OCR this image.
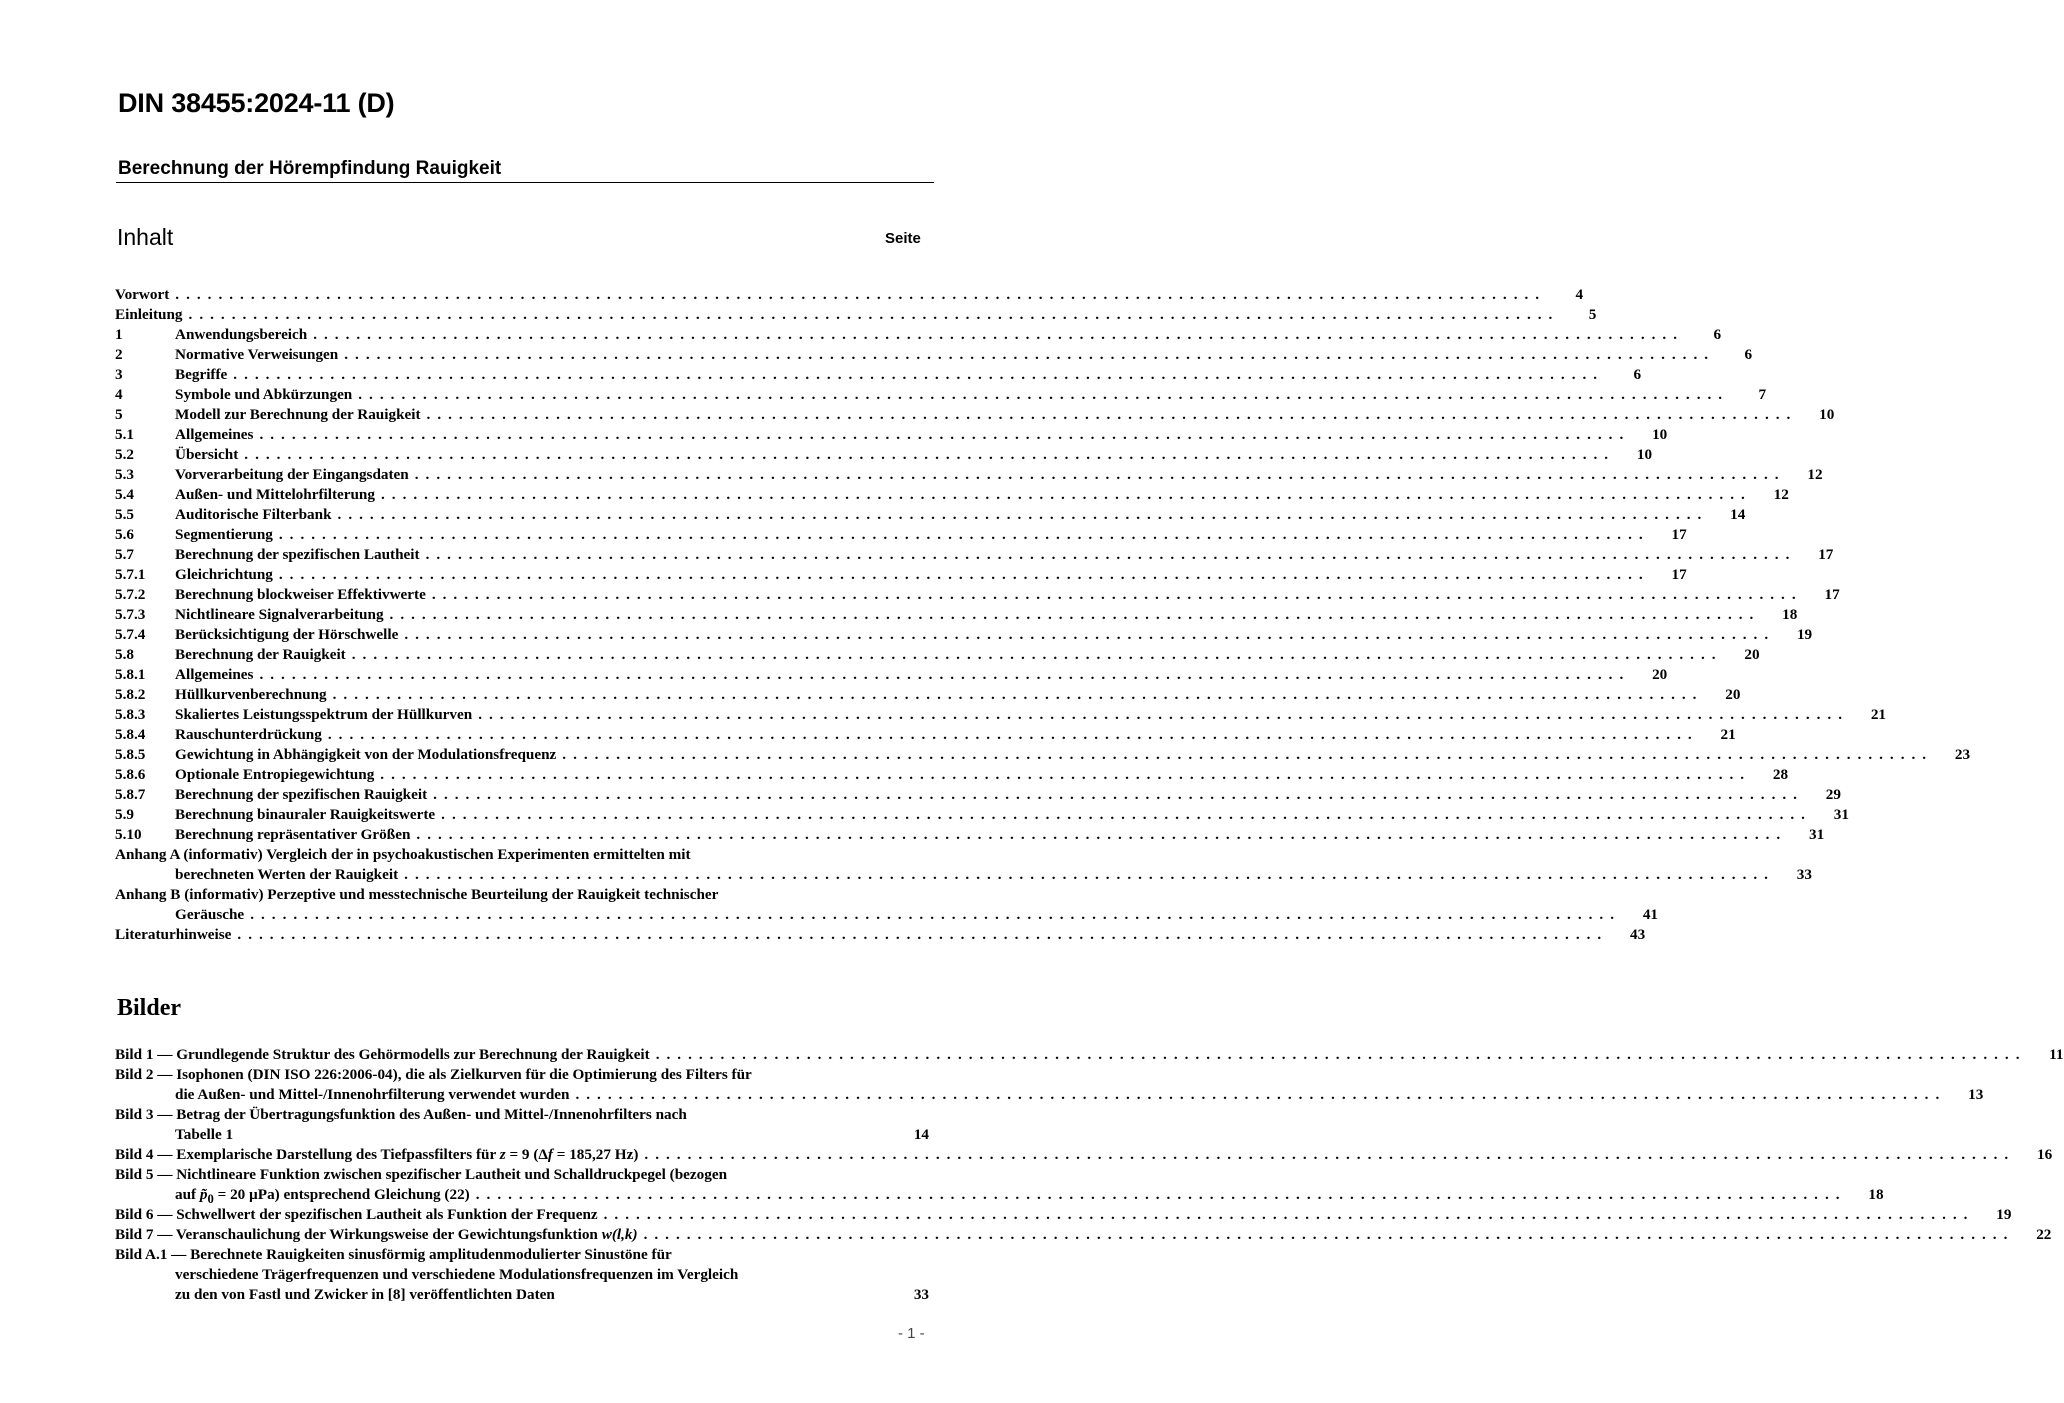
DIN 38455:2024-11 (D)
Berechnung der Hörempfindung Rauigkeit
Inhalt	Seite
Vorwort . . .	4
Einleitung . . .	5
1	Anwendungsbereich . . .	6
2	Normative Verweisungen . . .	6
3	Begriffe . . .	6
4	Symbole und Abkürzungen . . .	7
5	Modell zur Berechnung der Rauigkeit . . .	10
5.1	Allgemeines . . .	10
5.2	Übersicht . . .	10
5.3	Vorverarbeitung der Eingangsdaten . . .	12
5.4	Außen- und Mittelohrfilterung . . .	12
5.5	Auditorische Filterbank . . .	14
5.6	Segmentierung . . .	17
5.7	Berechnung der spezifischen Lautheit . . .	17
5.7.1	Gleichrichtung . . .	17
5.7.2	Berechnung blockweiser Effektivwerte . . .	17
5.7.3	Nichtlineare Signalverarbeitung . . .	18
5.7.4	Berücksichtigung der Hörschwelle . . .	19
5.8	Berechnung der Rauigkeit . . .	20
5.8.1	Allgemeines . . .	20
5.8.2	Hüllkurvenberechnung . . .	20
5.8.3	Skaliertes Leistungsspektrum der Hüllkurven . . .	21
5.8.4	Rauschunterdrückung . . .	21
5.8.5	Gewichtung in Abhängigkeit von der Modulationsfrequenz . . .	23
5.8.6	Optionale Entropiegewichtung . . .	28
5.8.7	Berechnung der spezifischen Rauigkeit . . .	29
5.9	Berechnung binauraler Rauigkeitswerte . . .	31
5.10	Berechnung repräsentativer Größen . . .	31
Anhang A (informativ) Vergleich der in psychoakustischen Experimenten ermittelten mit
berechneten Werten der Rauigkeit . . .	33
Anhang B (informativ) Perzeptive und messtechnische Beurteilung der Rauigkeit technischer
Geräusche . . .	41
Literaturhinweise . . .	43
Bilder
Bild 1 — Grundlegende Struktur des Gehörmodells zur Berechnung der Rauigkeit . . .	11
Bild 2 — Isophonen (DIN ISO 226:2006-04), die als Zielkurven für die Optimierung des Filters für
die Außen- und Mittel-/Innenohrfilterung verwendet wurden . . .	13
Bild 3 — Betrag der Übertragungsfunktion des Außen- und Mittel-/Innenohrfilters nach
Tabelle 1	14
Bild 4 — Exemplarische Darstellung des Tiefpassfilters für z = 9 (Δf = 185,27 Hz) . . .	16
Bild 5 — Nichtlineare Funktion zwischen spezifischer Lautheit und Schalldruckpegel (bezogen
auf $p̃_0 = 20$ µPa) entsprechend Gleichung (22) . . .	18
Bild 6 — Schwellwert der spezifischen Lautheit als Funktion der Frequenz . . .	19
Bild 7 — Veranschaulichung der Wirkungsweise der Gewichtungsfunktion w(l,k) . . .	22
Bild A.1 — Berechnete Rauigkeiten sinusförmig amplitudenmodulierter Sinustöne für
verschiedene Trägerfrequenzen und verschiedene Modulationsfrequenzen im Vergleich
zu den von Fastl und Zwicker in [8] veröffentlichten Daten	33
- 1 -
